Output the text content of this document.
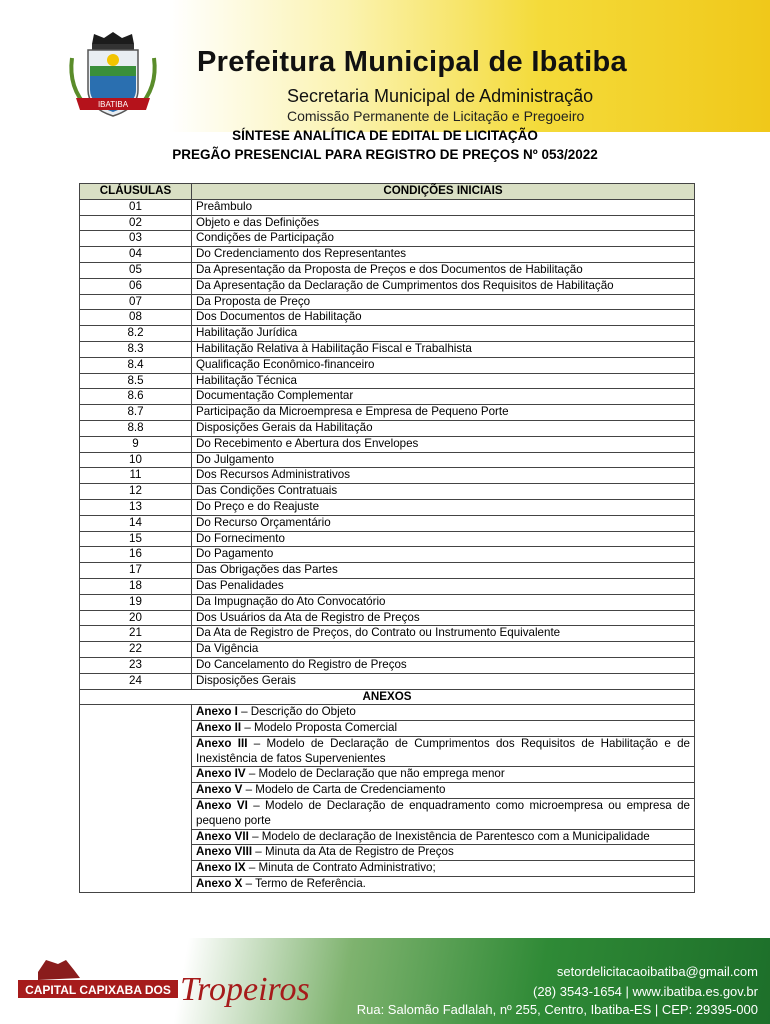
IBATIBA
Prefeitura Municipal de Ibatiba
Secretaria Municipal de Administração
Comissão Permanente de Licitação e Pregoeiro
SÍNTESE ANALÍTICA DE EDITAL DE LICITAÇÃO
PREGÃO PRESENCIAL PARA REGISTRO DE PREÇOS Nº 053/2022
CLÁUSULAS	CONDIÇÕES INICIAIS
01	Preâmbulo
02	Objeto e das Definições
03	Condições de Participação
04	Do Credenciamento dos Representantes
05	Da Apresentação da Proposta de Preços e dos Documentos de Habilitação
06	Da Apresentação da Declaração de Cumprimentos dos Requisitos de Habilitação
07	Da Proposta de Preço
08	Dos Documentos de Habilitação
8.2	Habilitação Jurídica
8.3	Habilitação Relativa à Habilitação Fiscal e Trabalhista
8.4	Qualificação Econômico-financeiro
8.5	Habilitação Técnica
8.6	Documentação Complementar
8.7	Participação da Microempresa e Empresa de Pequeno Porte
8.8	Disposições Gerais da Habilitação
9	Do Recebimento e Abertura dos Envelopes
10	Do Julgamento
11	Dos Recursos Administrativos
12	Das Condições Contratuais
13	Do Preço e do Reajuste
14	Do Recurso Orçamentário
15	Do Fornecimento
16	Do Pagamento
17	Das Obrigações das Partes
18	Das Penalidades
19	Da Impugnação do Ato Convocatório
20	Dos Usuários da Ata de Registro de Preços
21	Da Ata de Registro de Preços, do Contrato ou Instrumento Equivalente
22	Da Vigência
23	Do Cancelamento do Registro de Preços
24	Disposições Gerais
ANEXOS	
	Anexo I – Descrição do Objeto
	Anexo II – Modelo Proposta Comercial
	Anexo III – Modelo de Declaração de Cumprimentos dos Requisitos de Habilitação e de Inexistência de fatos Supervenientes
	Anexo IV – Modelo de Declaração que não emprega menor
	Anexo V – Modelo de Carta de Credenciamento
	Anexo VI – Modelo de Declaração de enquadramento como microempresa ou empresa de pequeno porte
	Anexo VII – Modelo de declaração de Inexistência de Parentesco com a Municipalidade
	Anexo VIII – Minuta da Ata de Registro de Preços
	Anexo IX – Minuta de Contrato Administrativo;
	Anexo X – Termo de Referência.
CAPITAL CAPIXABA DOS Tropeiros	setordelicitacaoibatiba@gmail.com
(28) 3543-1654 | www.ibatiba.es.gov.br
Rua: Salomão Fadlalah, nº 255, Centro, Ibatiba-ES | CEP: 29395-000
